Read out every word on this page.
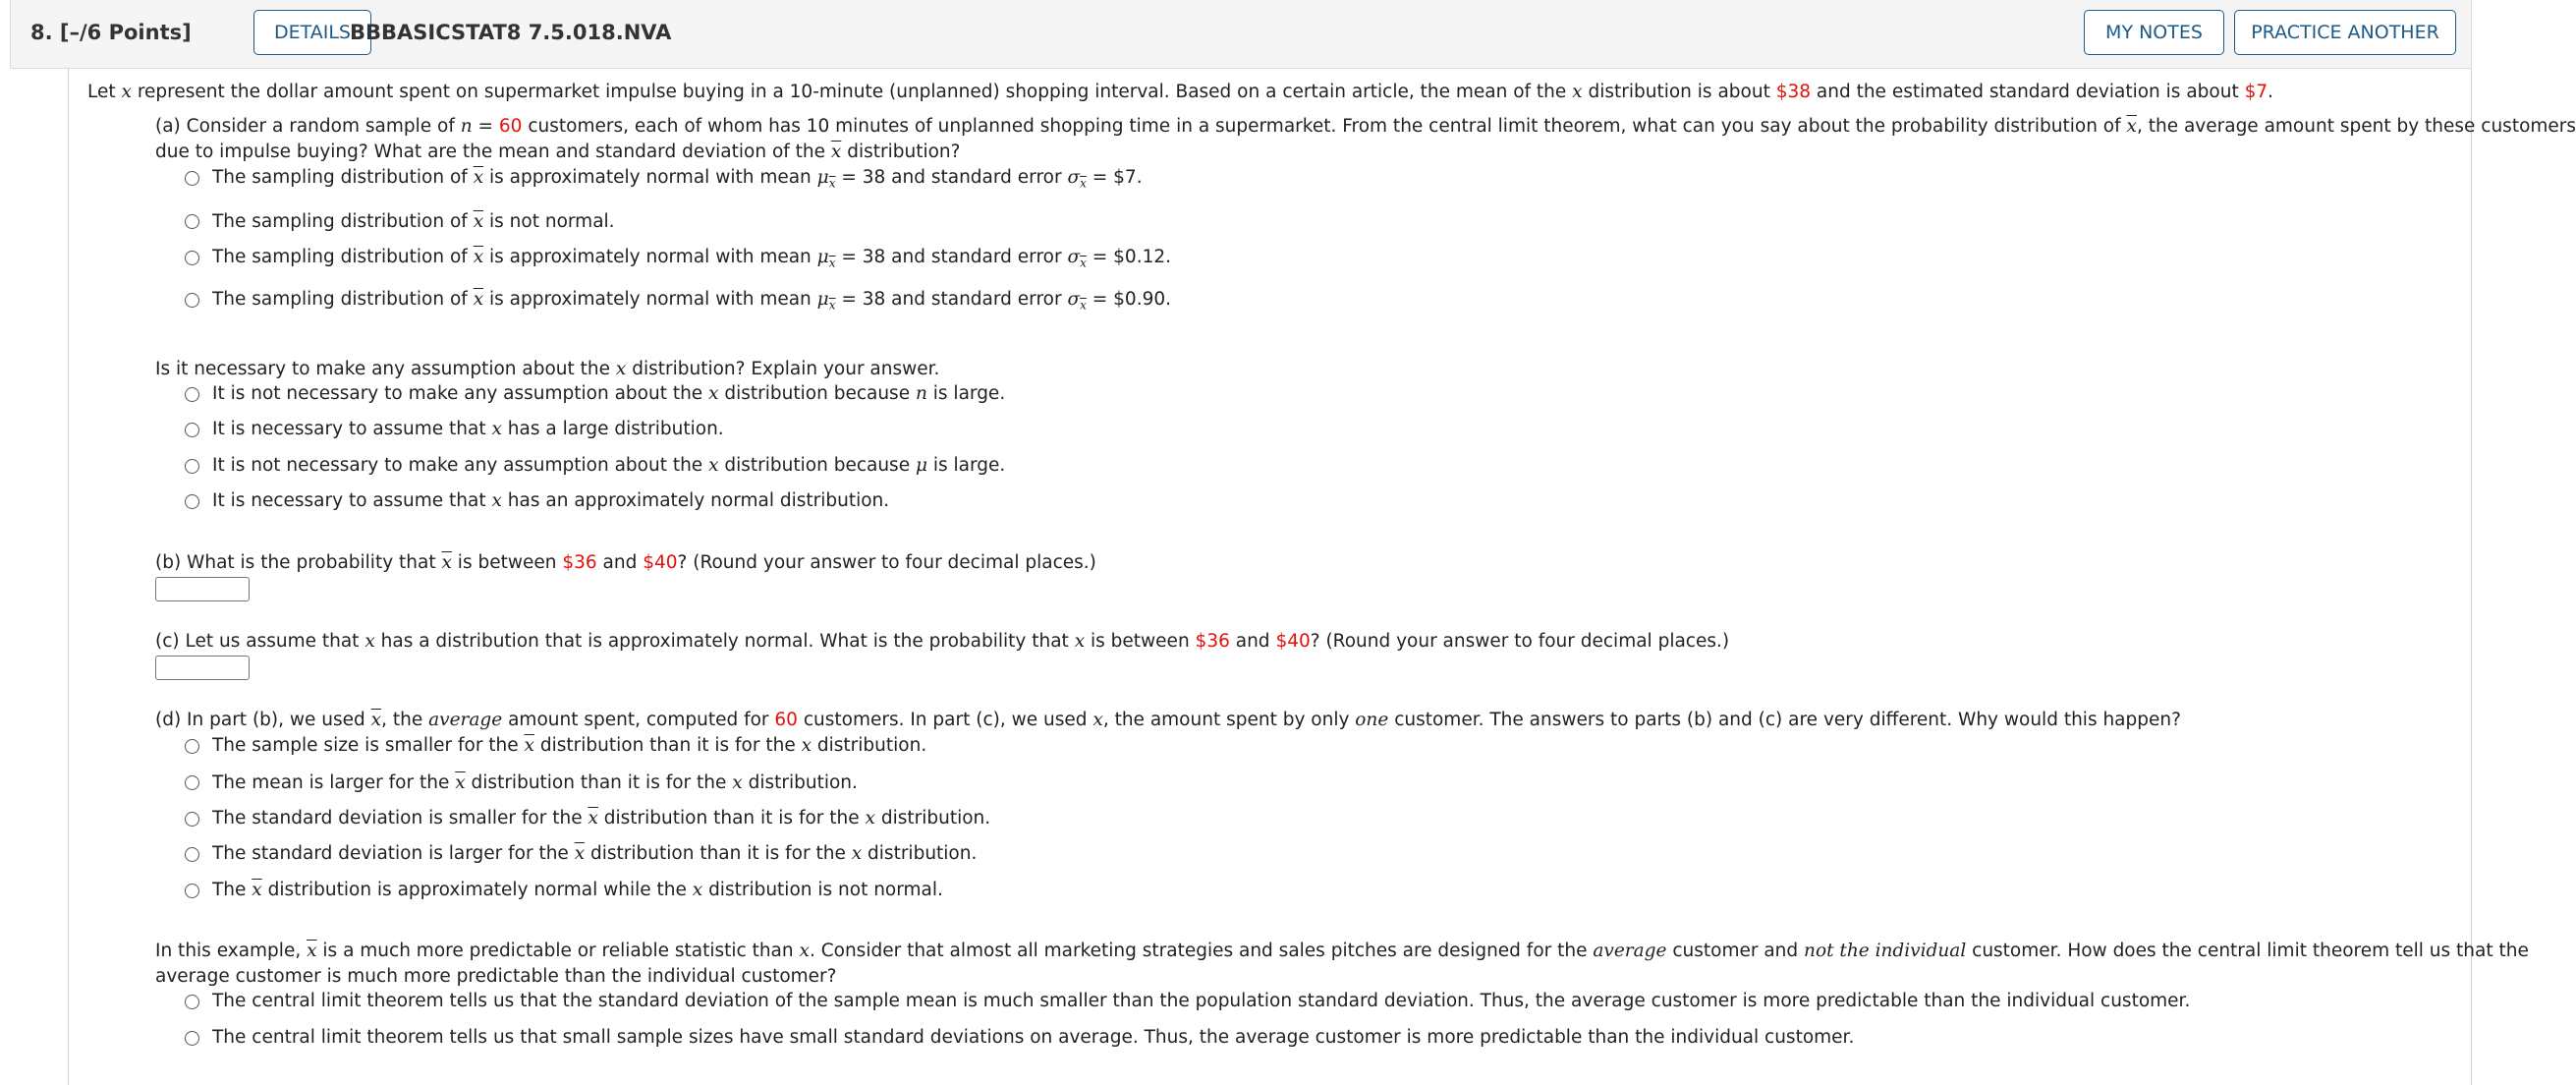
8. [–/6 Points]	DETAILS BBBASICSTAT8 7.5.018.NVA	MY NOTES	PRACTICE ANOTHER
Let x represent the dollar amount spent on supermarket impulse buying in a 10-minute (unplanned) shopping interval. Based on a certain article, the mean of the x distribution is about $38 and the estimated standard deviation is about $7.
(a) Consider a random sample of n = 60 customers, each of whom has 10 minutes of unplanned shopping time in a supermarket. From the central limit theorem, what can you say about the probability distribution of $\overline{x}$, the average amount spent by these customers
due to impulse buying? What are the mean and standard deviation of the $\overline{x}$ distribution?
The sampling distribution of $\overline{x}$ is approximately normal with mean $\mu_{\overline{x}} = 38$ and standard error $\sigma_{\overline{x}}$ = $7.
The sampling distribution of $\overline{x}$ is not normal.
The sampling distribution of $\overline{x}$ is approximately normal with mean $\mu_{\overline{x}} = 38$ and standard error $\sigma_{\overline{x}}$ = $0.12.
The sampling distribution of $\overline{x}$ is approximately normal with mean $\mu_{\overline{x}} = 38$ and standard error $\sigma_{\overline{x}}$ = $0.90.
Is it necessary to make any assumption about the x distribution? Explain your answer.
It is not necessary to make any assumption about the x distribution because n is large.
It is necessary to assume that x has a large distribution.
It is not necessary to make any assumption about the x distribution because μ is large.
It is necessary to assume that x has an approximately normal distribution.
(b) What is the probability that $\overline{x}$ is between $36 and $40? (Round your answer to four decimal places.)
(c) Let us assume that x has a distribution that is approximately normal. What is the probability that x is between $36 and $40? (Round your answer to four decimal places.)
(d) In part (b), we used $\overline{x}$, the average amount spent, computed for 60 customers. In part (c), we used x, the amount spent by only one customer. The answers to parts (b) and (c) are very different. Why would this happen?
The sample size is smaller for the $\overline{x}$ distribution than it is for the x distribution.
The mean is larger for the $\overline{x}$ distribution than it is for the x distribution.
The standard deviation is smaller for the $\overline{x}$ distribution than it is for the x distribution.
The standard deviation is larger for the $\overline{x}$ distribution than it is for the x distribution.
The $\overline{x}$ distribution is approximately normal while the x distribution is not normal.
In this example, $\overline{x}$ is a much more predictable or reliable statistic than x. Consider that almost all marketing strategies and sales pitches are designed for the average customer and not the individual customer. How does the central limit theorem tell us that the
average customer is much more predictable than the individual customer?
The central limit theorem tells us that the standard deviation of the sample mean is much smaller than the population standard deviation. Thus, the average customer is more predictable than the individual customer.
The central limit theorem tells us that small sample sizes have small standard deviations on average. Thus, the average customer is more predictable than the individual customer.
